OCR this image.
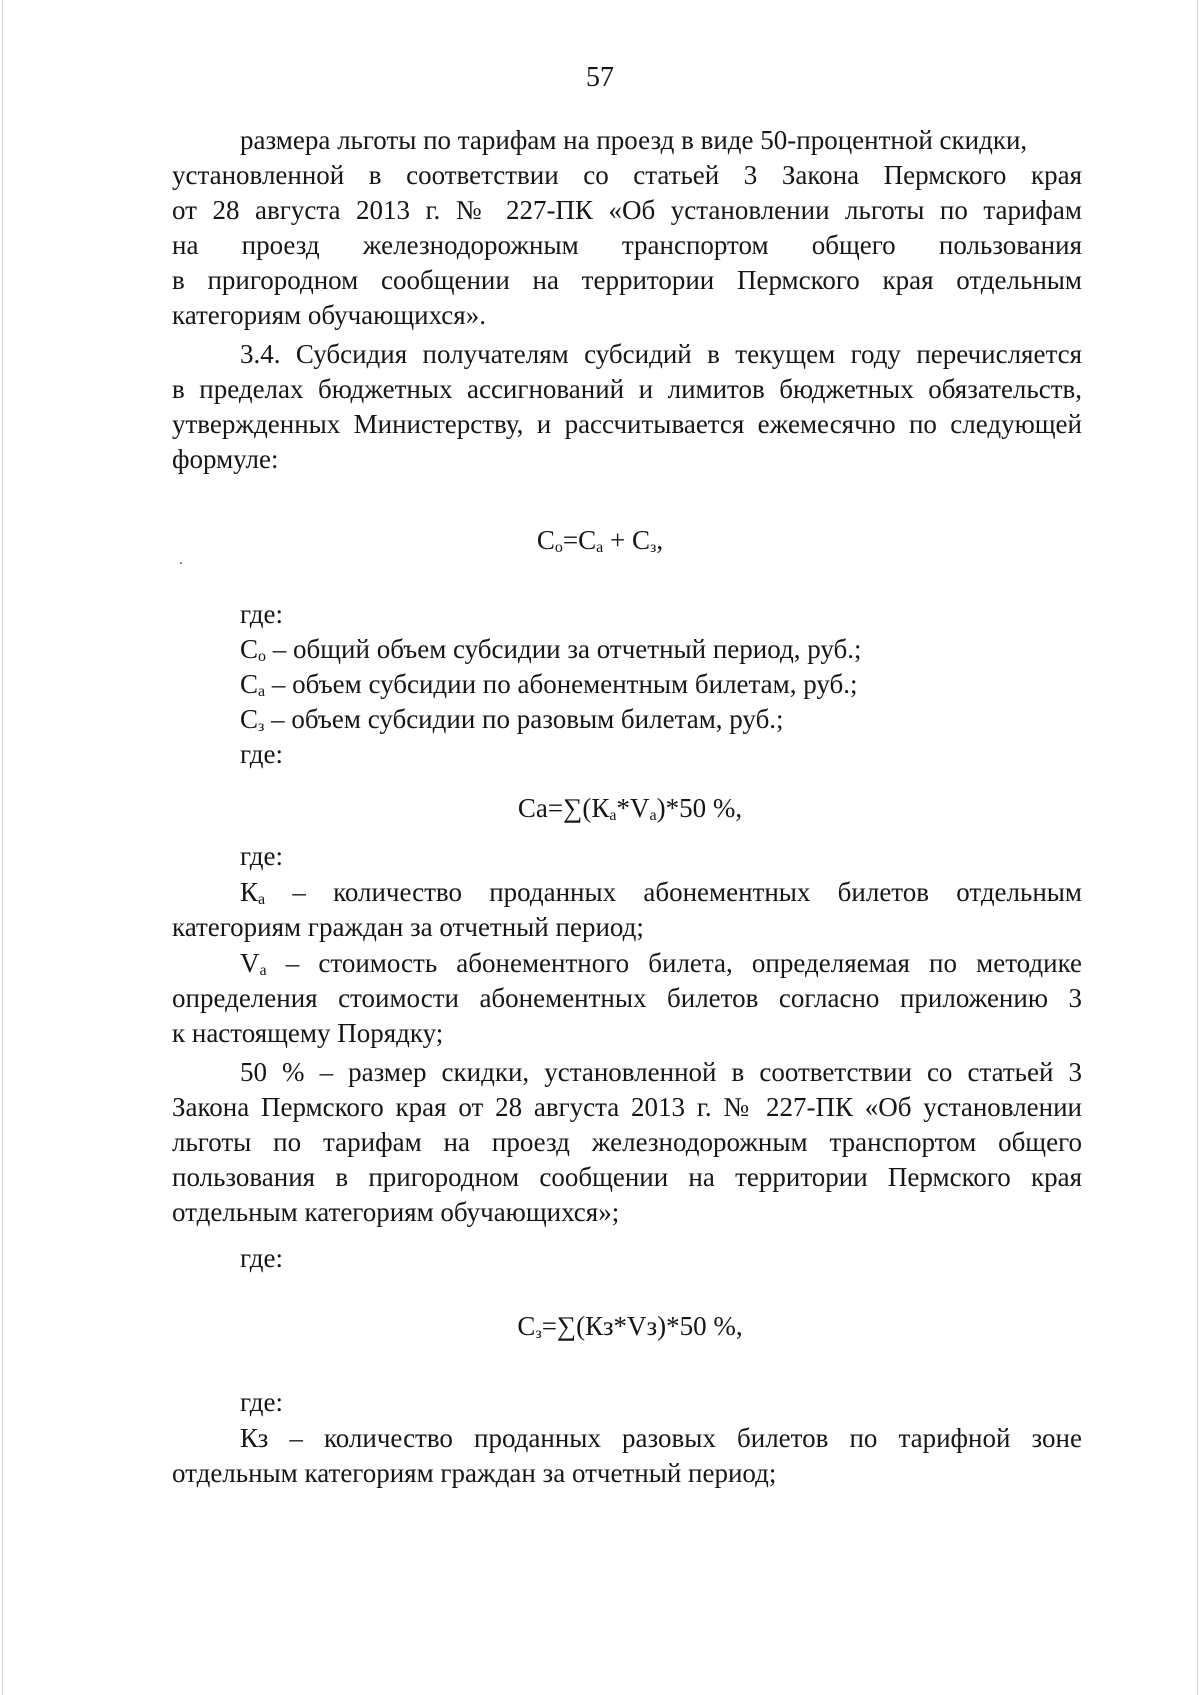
57
размера льготы по тарифам на проезд в виде 50-процентной скидки,
установленной в соответствии со статьей 3 Закона Пермского края
от 28 августа 2013 г. № 227-ПК «Об установлении льготы по тарифам
на проезд железнодорожным транспортом общего пользования
в пригородном сообщении на территории Пермского края отдельным
категориям обучающихся».
3.4. Субсидия получателям субсидий в текущем году перечисляется
в пределах бюджетных ассигнований и лимитов бюджетных обязательств,
утвержденных Министерству, и рассчитывается ежемесячно по следующей
формуле:
$С_о=С_а + С_з$,
где:
$С_о$ – общий объем субсидии за отчетный период, руб.;
$С_а$ – объем субсидии по абонементным билетам, руб.;
$С_з$ – объем субсидии по разовым билетам, руб.;
где:
$Са=\sum(К_а*V_а)*50$ %,
где:
$К_а$ – количество проданных абонементных билетов отдельным
категориям граждан за отчетный период;
$V_а$ – стоимость абонементного билета, определяемая по методике
определения стоимости абонементных билетов согласно приложению 3
к настоящему Порядку;
50 % – размер скидки, установленной в соответствии со статьей 3
Закона Пермского края от 28 августа 2013 г. № 227-ПК «Об установлении
льготы по тарифам на проезд железнодорожным транспортом общего
пользования в пригородном сообщении на территории Пермского края
отдельным категориям обучающихся»;
где:
$С_з=\sum(Кз*Vз)*50$ %,
где:
Кз – количество проданных разовых билетов по тарифной зоне
отдельным категориям граждан за отчетный период;
